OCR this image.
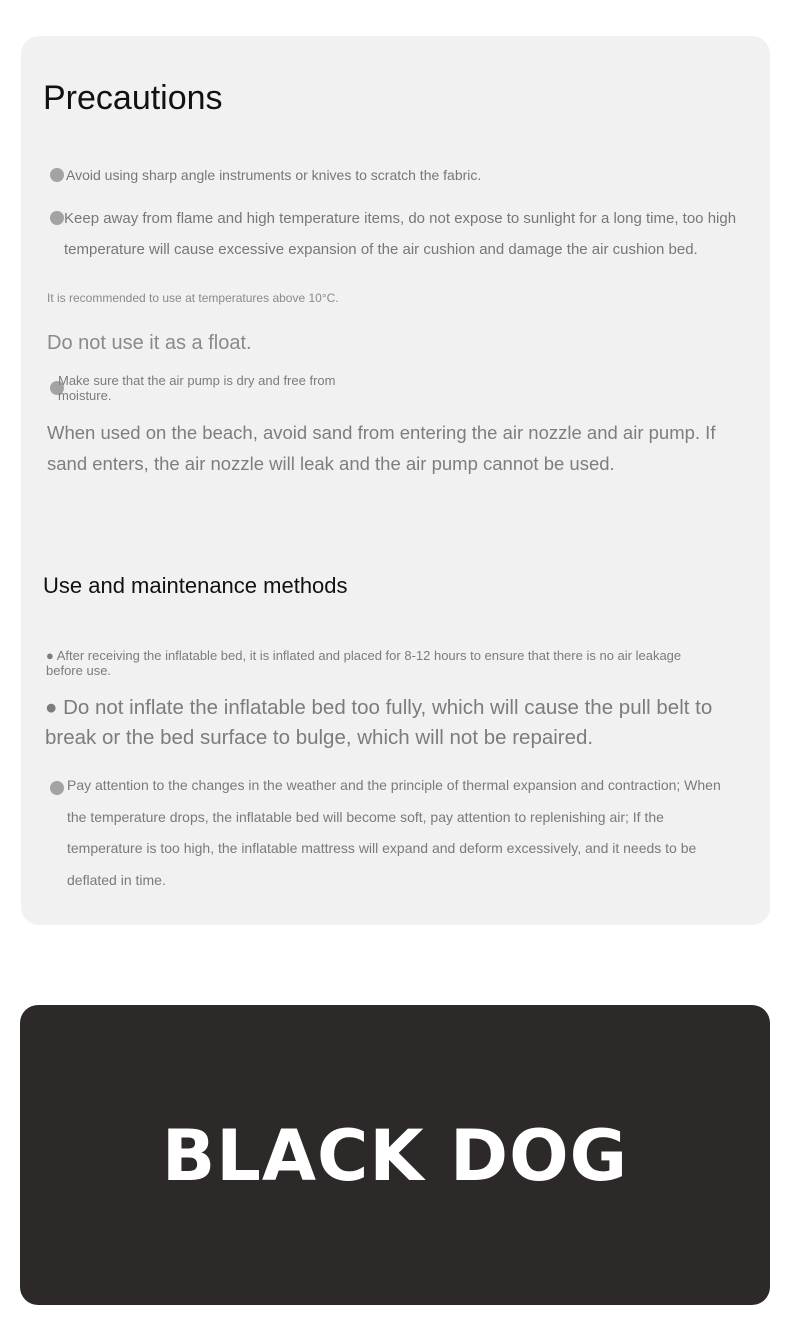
Precautions

Avoid using sharp angle instruments or knives to scratch the fabric.

Keep away from flame and high temperature items, do not expose to sunlight for a long time, too high temperature will cause excessive expansion of the air cushion and damage the air cushion bed.

It is recommended to use at temperatures above 10°C.

Do not use it as a float.

Make sure that the air pump is dry and free from moisture.

When used on the beach, avoid sand from entering the air nozzle and air pump. If sand enters, the air nozzle will leak and the air pump cannot be used.

Use and maintenance methods

● After receiving the inflatable bed, it is inflated and placed for 8-12 hours to ensure that there is no air leakage before use.

● Do not inflate the inflatable bed too fully, which will cause the pull belt to break or the bed surface to bulge, which will not be repaired.

Pay attention to the changes in the weather and the principle of thermal expansion and contraction; When the temperature drops, the inflatable bed will become soft, pay attention to replenishing air; If the temperature is too high, the inflatable mattress will expand and deform excessively, and it needs to be deflated in time.

BLACK DOG
